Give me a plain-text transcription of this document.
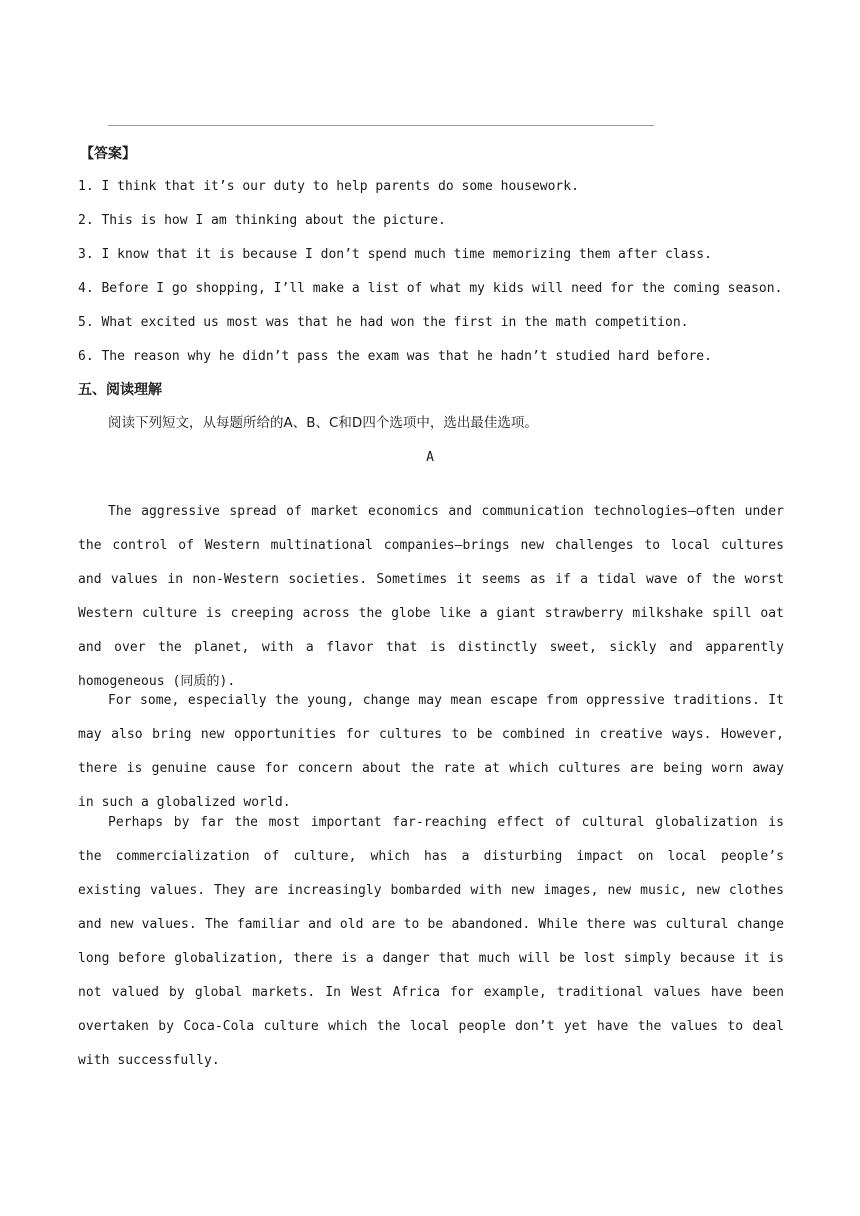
【答案】
1. I think that it’s our duty to help parents do some housework.
2. This is how I am thinking about the picture.
3. I know that it is because I don’t spend much time memorizing them after class.
4. Before I go shopping, I’ll make a list of what my kids will need for the coming season.
5. What excited us most was that he had won the first in the math competition.
6. The reason why he didn’t pass the exam was that he hadn’t studied hard before.
五、阅读理解
阅读下列短文，从每题所给的A、B、C和D四个选项中，选出最佳选项。
A

The aggressive spread of market economics and communication technologies—often under the control of Western multinational companies—brings new challenges to local cultures and values in non-Western societies. Sometimes it seems as if a tidal wave of the worst Western culture is creeping across the globe like a giant strawberry milkshake spill oat and over the planet, with a flavor that is distinctly sweet, sickly and apparently homogeneous (同质的).

For some, especially the young, change may mean escape from oppressive traditions. It may also bring new opportunities for cultures to be combined in creative ways. However, there is genuine cause for concern about the rate at which cultures are being worn away in such a globalized world.

Perhaps by far the most important far-reaching effect of cultural globalization is the commercialization of culture, which has a disturbing impact on local people’s existing values. They are increasingly bombarded with new images, new music, new clothes and new values. The familiar and old are to be abandoned. While there was cultural change long before globalization, there is a danger that much will be lost simply because it is not valued by global markets. In West Africa for example, traditional values have been overtaken by Coca-Cola culture which the local people don’t yet have the values to deal with successfully.
